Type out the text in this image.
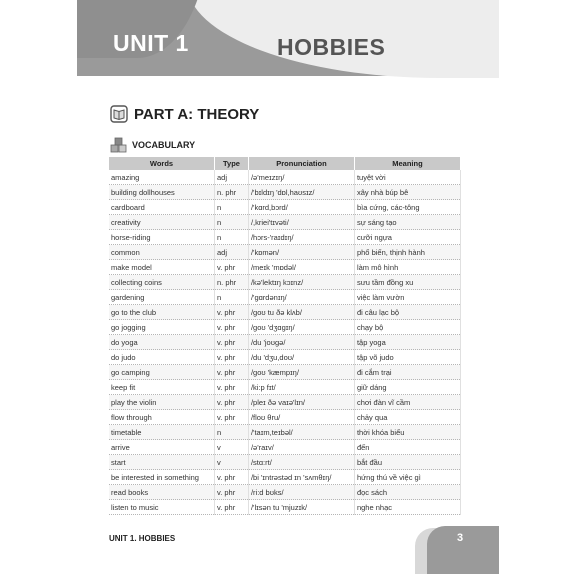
UNIT 1	HOBBIES
PART A: THEORY
VOCABULARY
Words	Type	Pronunciation	Meaning
amazing	adj	/ə'meɪzɪŋ/	tuyệt vời
building dollhouses	n. phr	/'bɪldɪŋ 'dɒl,haʊsɪz/	xây nhà búp bê
cardboard	n	/'kɑrd,bɔrd/	bìa cứng, các-tông
creativity	n	/,kriei'tɪvəti/	sự sáng tạo
horse-riding	n	/hɔrs-'raɪdɪŋ/	cưỡi ngựa
common	adj	/'kɒmən/	phổ biến, thịnh hành
make model	v. phr	/meɪk 'mɒdəl/	làm mô hình
collecting coins	n. phr	/kə'lektɪŋ kɔɪnz/	sưu tầm đồng xu
gardening	n	/'gɑrdənɪŋ/	việc làm vườn
go to the club	v. phr	/goʊ tu ðə klʌb/	đi câu lạc bộ
go jogging	v. phr	/goʊ 'dʒɑgɪŋ/	chạy bộ
do yoga	v. phr	/du 'joʊgə/	tập yoga
do judo	v. phr	/du 'dʒu,doʊ/	tập võ judo
go camping	v. phr	/goʊ 'kæmpɪŋ/	đi cắm trại
keep fit	v. phr	/ki:p fɪt/	giữ dáng
play the violin	v. phr	/pleɪ ðə vaɪə'lɪn/	chơi đàn vĩ cầm
flow through	v. phr	/floʊ θru/	chảy qua
timetable	n	/'taɪm,teɪbəl/	thời khóa biểu
arrive	v	/ə'raɪv/	đến
start	v	/stɑ:rt/	bắt đầu
be interested in something	v. phr	/bi 'ɪntrəstəd ɪn 'sʌmθɪŋ/	hứng thú về việc gì
read books	v. phr	/ri:d bʊks/	đọc sách
listen to music	v. phr	/'lɪsən tu 'mjuzɪk/	nghe nhạc
UNIT 1. HOBBIES	3
